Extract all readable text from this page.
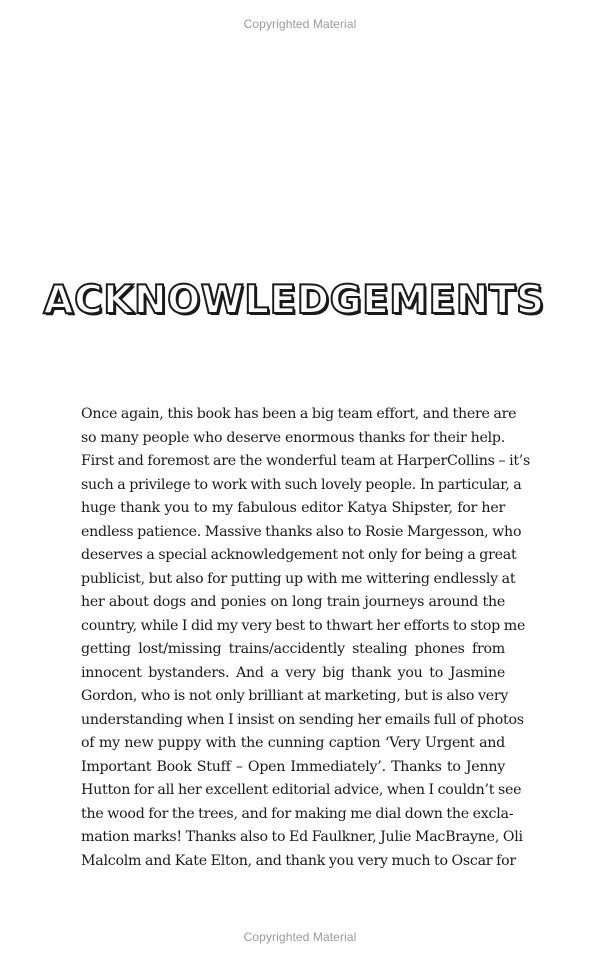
Copyrighted Material
ACKNOWLEDGEMENTS
Once again, this book has been a big team effort, and there are
so many people who deserve enormous thanks for their help.
First and foremost are the wonderful team at HarperCollins – it’s
such a privilege to work with such lovely people. In particular, a
huge thank you to my fabulous editor Katya Shipster, for her
endless patience. Massive thanks also to Rosie Margesson, who
deserves a special acknowledgement not only for being a great
publicist, but also for putting up with me wittering endlessly at
her about dogs and ponies on long train journeys around the
country, while I did my very best to thwart her efforts to stop me
getting lost/missing trains/accidently stealing phones from
innocent bystanders. And a very big thank you to Jasmine
Gordon, who is not only brilliant at marketing, but is also very
understanding when I insist on sending her emails full of photos
of my new puppy with the cunning caption ‘Very Urgent and
Important Book Stuff – Open Immediately’. Thanks to Jenny
Hutton for all her excellent editorial advice, when I couldn’t see
the wood for the trees, and for making me dial down the excla-
mation marks! Thanks also to Ed Faulkner, Julie MacBrayne, Oli
Malcolm and Kate Elton, and thank you very much to Oscar for
Copyrighted Material
